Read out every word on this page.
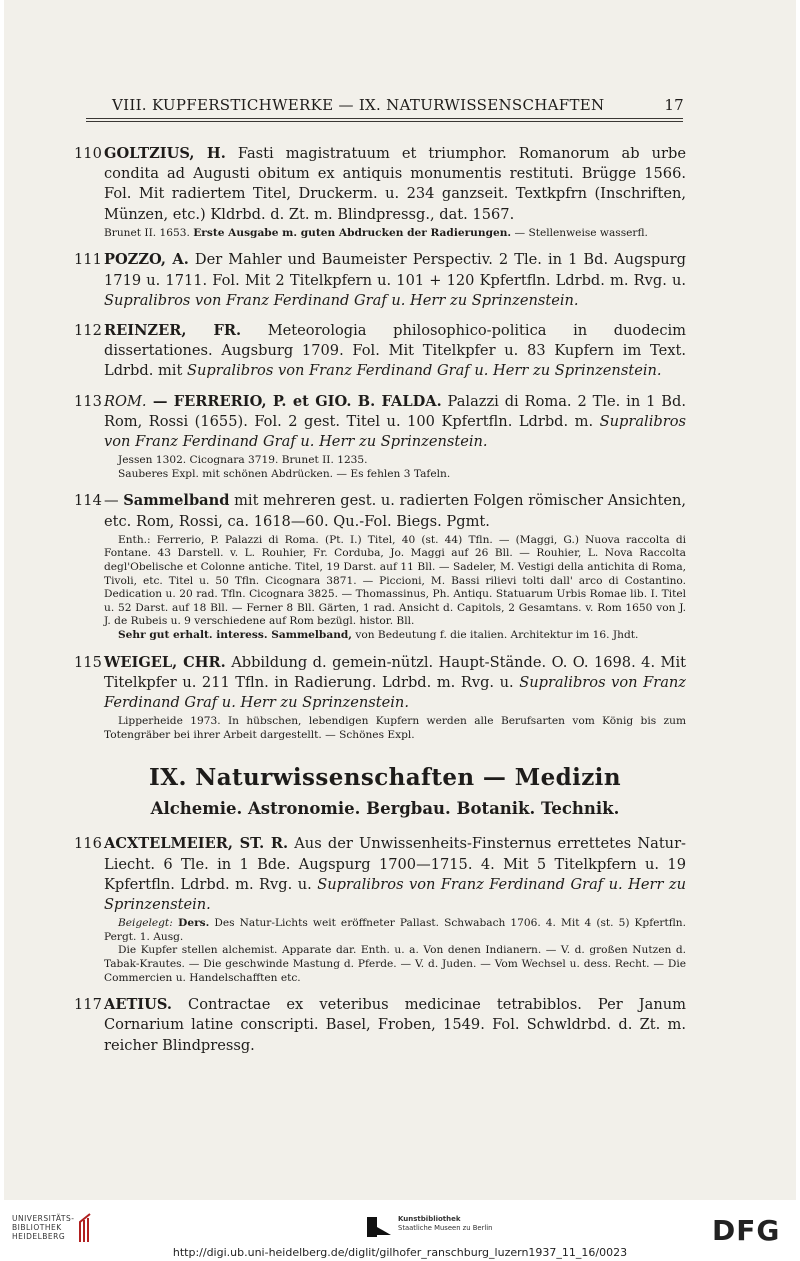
VIII. KUPFERSTICHWERKE — IX. NATURWISSENSCHAFTEN	17
110 GOLTZIUS, H. Fasti magistratuum et triumphor. Romanorum ab urbe condita ad Augusti obitum ex antiquis monumentis restituti. Brügge 1566. Fol. Mit radiertem Titel, Druckerm. u. 234 ganzseit. Textkpfrn (Inschriften, Münzen, etc.) Kldrbd. d. Zt. m. Blindpressg., dat. 1567.
Brunet II. 1653. Erste Ausgabe m. guten Abdrucken der Radierungen. — Stellenweise wasserfl.
111 POZZO, A. Der Mahler und Baumeister Perspectiv. 2 Tle. in 1 Bd. Augspurg 1719 u. 1711. Fol. Mit 2 Titelkpfern u. 101 + 120 Kpfertfln. Ldrbd. m. Rvg. u. Supralibros von Franz Ferdinand Graf u. Herr zu Sprinzenstein.
112 REINZER, FR. Meteorologia philosophico-politica in duodecim dissertationes. Augsburg 1709. Fol. Mit Titelkpfer u. 83 Kupfern im Text. Ldrbd. mit Supralibros von Franz Ferdinand Graf u. Herr zu Sprinzenstein.
113 ROM. — FERRERIO, P. et GIO. B. FALDA. Palazzi di Roma. 2 Tle. in 1 Bd. Rom, Rossi (1655). Fol. 2 gest. Titel u. 100 Kpfertfln. Ldrbd. m. Supralibros von Franz Ferdinand Graf u. Herr zu Sprinzenstein.

Jessen 1302. Cicognara 3719. Brunet II. 1235.

Sauberes Expl. mit schönen Abdrücken. — Es fehlen 3 Tafeln.

114 — Sammelband mit mehreren gest. u. radierten Folgen römischer Ansichten, etc. Rom, Rossi, ca. 1618—60. Qu.-Fol. Biegs. Pgmt.

Enth.: Ferrerio, P. Palazzi di Roma. (Pt. I.) Titel, 40 (st. 44) Tfln. — (Maggi, G.) Nuova raccolta di Fontane. 43 Darstell. v. L. Rouhier, Fr. Corduba, Jo. Maggi auf 26 Bll. — Rouhier, L. Nova Raccolta degl'Obelische et Colonne antiche. Titel, 19 Darst. auf 11 Bll. — Sadeler, M. Vestigi della antichita di Roma, Tivoli, etc. Titel u. 50 Tfln. Cicognara 3871. — Piccioni, M. Bassi rilievi tolti dall' arco di Costantino. Dedication u. 20 rad. Tfln. Cicognara 3825. — Thomassinus, Ph. Antiqu. Statuarum Urbis Romae lib. I. Titel u. 52 Darst. auf 18 Bll. — Ferner 8 Bll. Gärten, 1 rad. Ansicht d. Capitols, 2 Gesamtans. v. Rom 1650 von J. J. de Rubeis u. 9 verschiedene auf Rom bezügl. histor. Bll.

Sehr gut erhalt. interess. Sammelband, von Bedeutung f. die italien. Architektur im 16. Jhdt.

115 WEIGEL, CHR. Abbildung d. gemein-nützl. Haupt-Stände. O. O. 1698. 4. Mit Titelkpfer u. 211 Tfln. in Radierung. Ldrbd. m. Rvg. u. Supralibros von Franz Ferdinand Graf u. Herr zu Sprinzenstein.

Lipperheide 1973. In hübschen, lebendigen Kupfern werden alle Berufsarten vom König bis zum Totengräber bei ihrer Arbeit dargestellt. — Schönes Expl.

IX. Naturwissenschaften — Medizin
Alchemie. Astronomie. Bergbau. Botanik. Technik.
116 ACXTELMEIER, ST. R. Aus der Unwissenheits-Finsternus errettetes Natur-Liecht. 6 Tle. in 1 Bde. Augspurg 1700—1715. 4. Mit 5 Titelkpfern u. 19 Kpfertfln. Ldrbd. m. Rvg. u. Supralibros von Franz Ferdinand Graf u. Herr zu Sprinzenstein.

Beigelegt: Ders. Des Natur-Lichts weit eröffneter Pallast. Schwabach 1706. 4. Mit 4 (st. 5) Kpfertfln. Pergt. 1. Ausg.

Die Kupfer stellen alchemist. Apparate dar. Enth. u. a. Von denen Indianern. — V. d. großen Nutzen d. Tabak-Krautes. — Die geschwinde Mastung d. Pferde. — V. d. Juden. — Vom Wechsel u. dess. Recht. — Die Commercien u. Handelschafften etc.

117 AETIUS. Contractae ex veteribus medicinae tetrabiblos. Per Janum Cornarium latine conscripti. Basel, Froben, 1549. Fol. Schwldrbd. d. Zt. m. reicher Blindpressg.
UNIVERSITÄTS-
BIBLIOTHEK
HEIDELBERG
Kunstbibliothek
Staatliche Museen zu Berlin	DFG
http://digi.ub.uni-heidelberg.de/diglit/gilhofer_ranschburg_luzern1937_11_16/0023
